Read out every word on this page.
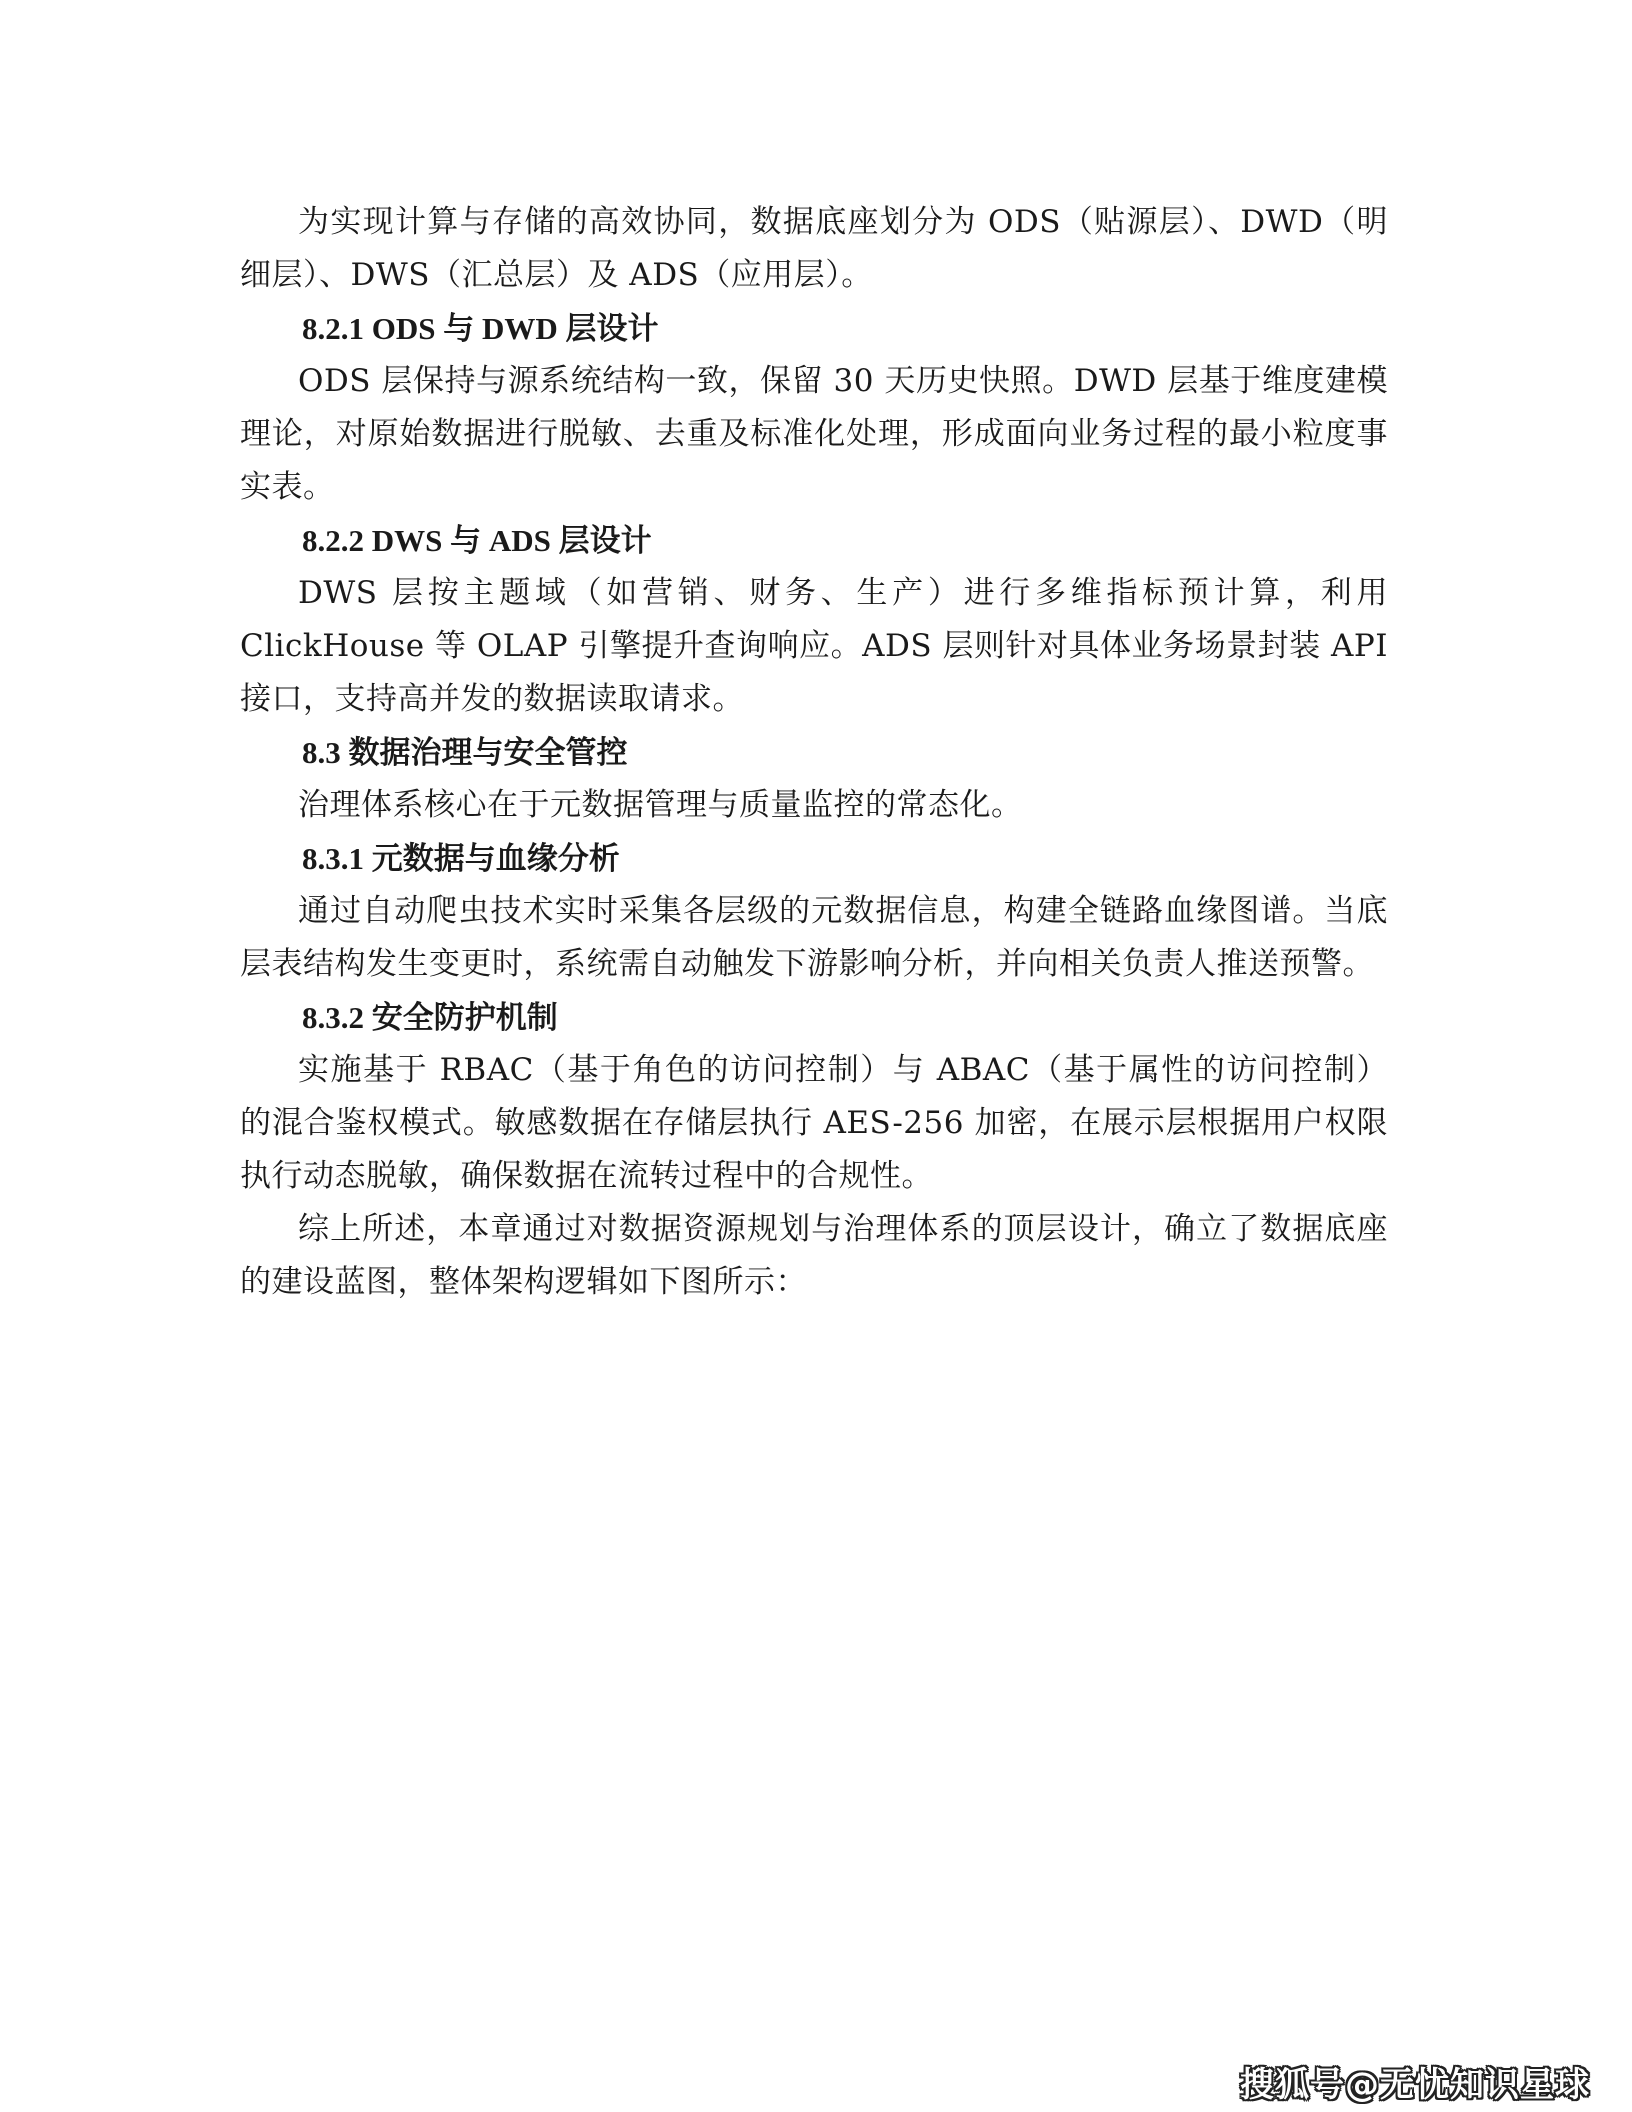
为实现计算与存储的高效协同，数据底座划分为 ODS（贴源层）、DWD（明细层）、DWS（汇总层）及 ADS（应用层）。

8.2.1 ODS 与 DWD 层设计

ODS 层保持与源系统结构一致，保留 30 天历史快照。DWD 层基于维度建模理论，对原始数据进行脱敏、去重及标准化处理，形成面向业务过程的最小粒度事实表。

8.2.2 DWS 与 ADS 层设计

DWS 层按主题域（如营销、财务、生产）进行多维指标预计算，利用 ClickHouse 等 OLAP 引擎提升查询响应。ADS 层则针对具体业务场景封装 API 接口，支持高并发的数据读取请求。

8.3 数据治理与安全管控

治理体系核心在于元数据管理与质量监控的常态化。

8.3.1 元数据与血缘分析

通过自动爬虫技术实时采集各层级的元数据信息，构建全链路血缘图谱。当底层表结构发生变更时，系统需自动触发下游影响分析，并向相关负责人推送预警。

8.3.2 安全防护机制

实施基于 RBAC（基于角色的访问控制）与 ABAC（基于属性的访问控制）的混合鉴权模式。敏感数据在存储层执行 AES-256 加密，在展示层根据用户权限执行动态脱敏，确保数据在流转过程中的合规性。

综上所述，本章通过对数据资源规划与治理体系的顶层设计，确立了数据底座的建设蓝图，整体架构逻辑如下图所示：

搜狐号@无忧知识星球
